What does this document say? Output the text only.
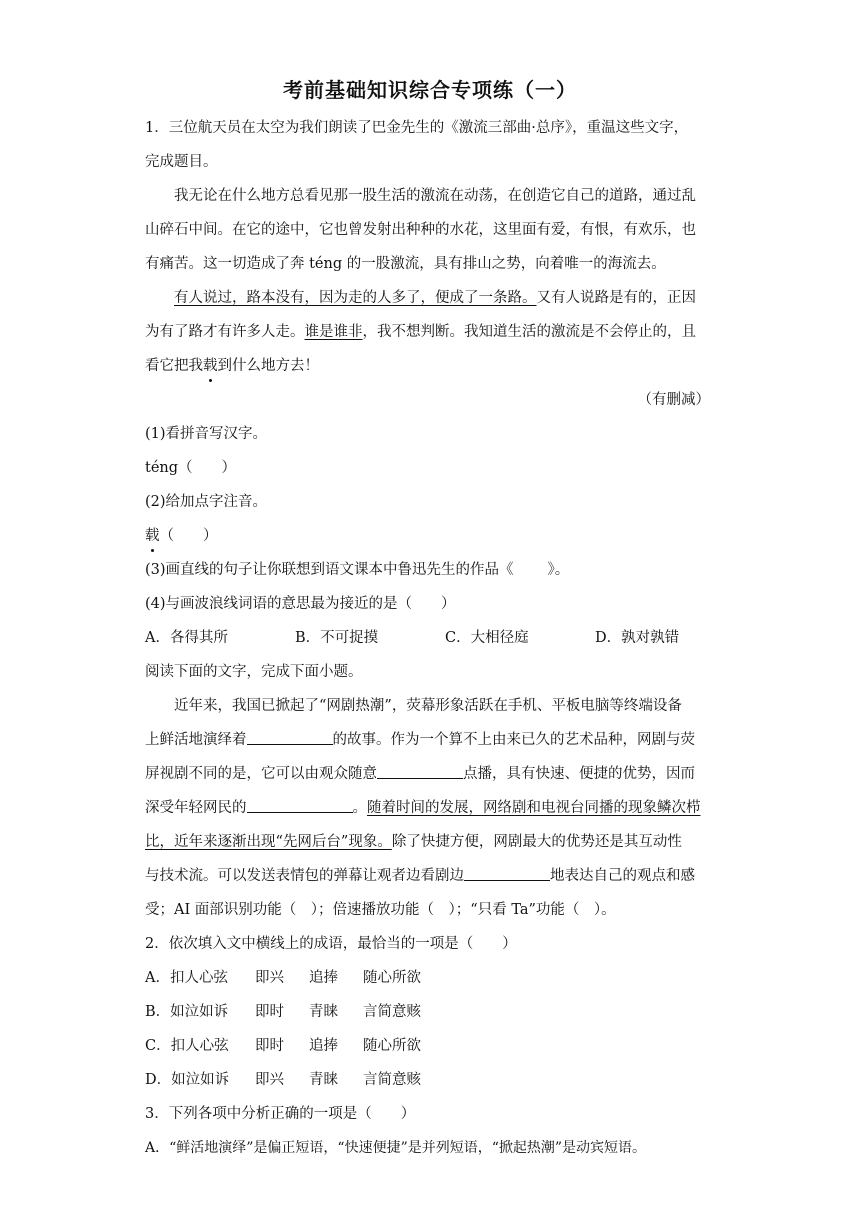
考前基础知识综合专项练（一）
1．三位航天员在太空为我们朗读了巴金先生的《激流三部曲·总序》，重温这些文字，
完成题目。
我无论在什么地方总看见那一股生活的激流在动荡，在创造它自己的道路，通过乱
山碎石中间。在它的途中，它也曾发射出种种的水花，这里面有爱，有恨，有欢乐，也
有痛苦。这一切造成了奔 téng 的一股激流，具有排山之势，向着唯一的海流去。
有人说过，路本没有，因为走的人多了，便成了一条路。又有人说路是有的，正因
为有了路才有许多人走。谁是谁非，我不想判断。我知道生活的激流是不会停止的，且
看它把我载到什么地方去！
（有删减）
(1)看拼音写汉字。
téng（　　）
(2)给加点字注音。
载（　　）
(3)画直线的句子让你联想到语文课本中鲁迅先生的作品《 》。
(4)与画波浪线词语的意思最为接近的是（　　）
A．各得其所	B．不可捉摸	C．大相径庭	D．孰对孰错
阅读下面的文字，完成下面小题。
近年来，我国已掀起了“网剧热潮”，荧幕形象活跃在手机、平板电脑等终端设备
上鲜活地演绎着	的故事。作为一个算不上由来已久的艺术品种，网剧与荧
屏视剧不同的是，它可以由观众随意	点播，具有快速、便捷的优势，因而
深受年轻网民的	。随着时间的发展，网络剧和电视台同播的现象鳞次栉
比，近年来逐渐出现“先网后台”现象。除了快捷方便，网剧最大的优势还是其互动性
与技术流。可以发送表情包的弹幕让观者边看剧边	地表达自己的观点和感
受；AI 面部识别功能（　）；倍速播放功能（　）；“只看 Ta”功能（　）。
2．依次填入文中横线上的成语，最恰当的一项是（　　）
A．扣人心弦 即兴 追捧 随心所欲
B．如泣如诉 即时 青睐 言简意赅
C．扣人心弦 即时 追捧 随心所欲
D．如泣如诉 即兴 青睐 言简意赅
3．下列各项中分析正确的一项是（　　）
A．“鲜活地演绎”是偏正短语，“快速便捷”是并列短语，“掀起热潮”是动宾短语。
